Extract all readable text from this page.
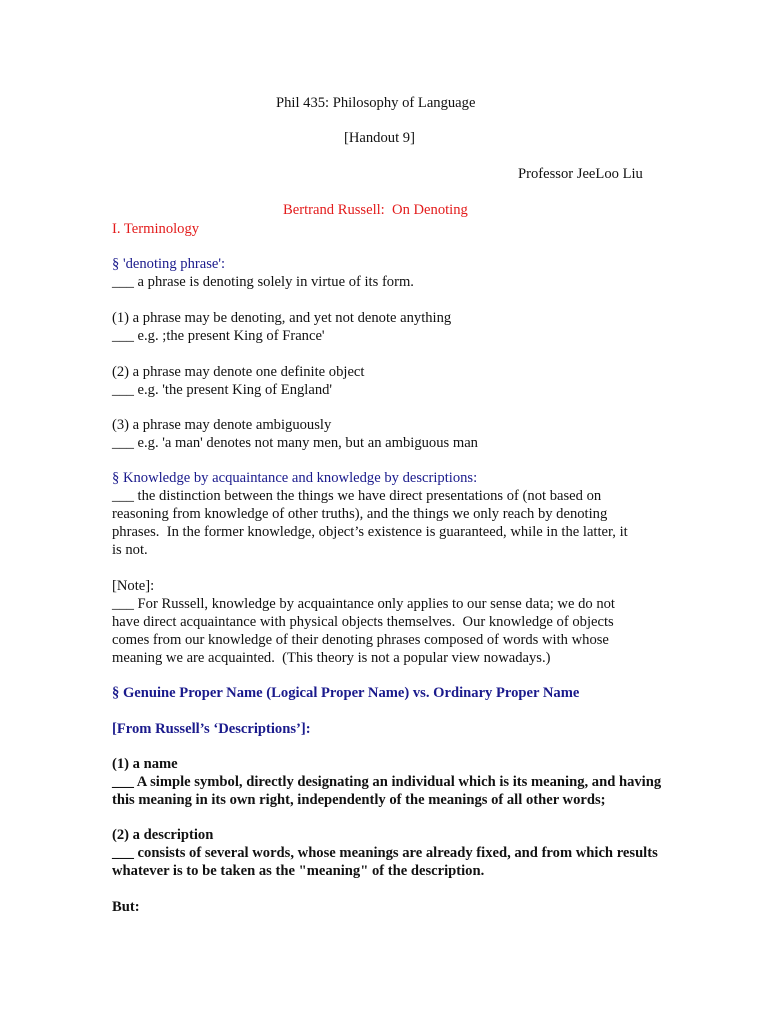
Phil 435: Philosophy of Language
[Handout 9]
Professor JeeLoo Liu
Bertrand Russell:  On Denoting
I. Terminology
§ 'denoting phrase':
___ a phrase is denoting solely in virtue of its form.
(1) a phrase may be denoting, and yet not denote anything
___ e.g. ;the present King of France'
(2) a phrase may denote one definite object
___ e.g. 'the present King of England'
(3) a phrase may denote ambiguously
___ e.g. 'a man' denotes not many men, but an ambiguous man
§ Knowledge by acquaintance and knowledge by descriptions:
___ the distinction between the things we have direct presentations of (not based on
reasoning from knowledge of other truths), and the things we only reach by denoting
phrases.  In the former knowledge, object’s existence is guaranteed, while in the latter, it
is not.
[Note]:
___ For Russell, knowledge by acquaintance only applies to our sense data; we do not
have direct acquaintance with physical objects themselves.  Our knowledge of objects
comes from our knowledge of their denoting phrases composed of words with whose
meaning we are acquainted.  (This theory is not a popular view nowadays.)
§ Genuine Proper Name (Logical Proper Name) vs. Ordinary Proper Name
[From Russell’s ‘Descriptions’]:
(1) a name
___ A simple symbol, directly designating an individual which is its meaning, and having
this meaning in its own right, independently of the meanings of all other words;
(2) a description
___ consists of several words, whose meanings are already fixed, and from which results
whatever is to be taken as the "meaning" of the description.
But:
